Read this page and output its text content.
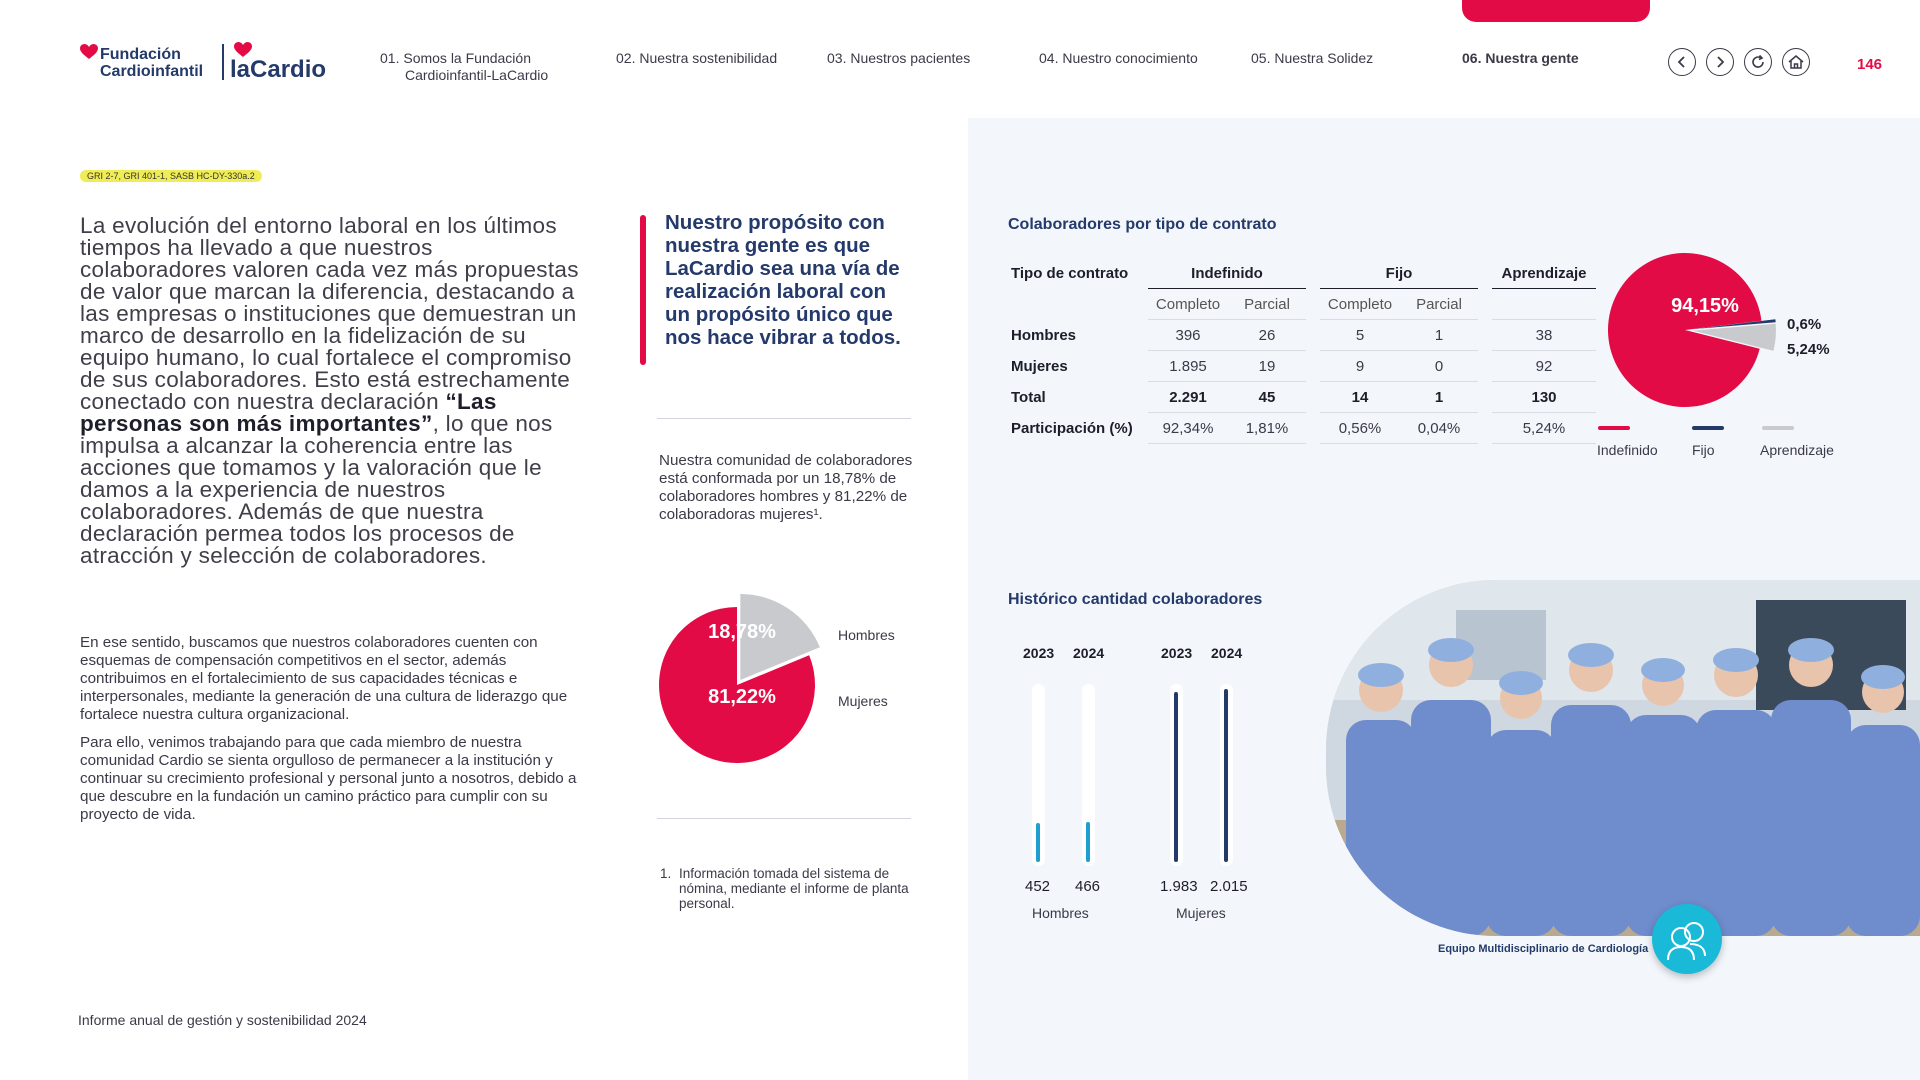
Fundación
Cardioinfantil laCardio	01. Somos la Fundación
Cardioinfantil-LaCardio
02. Nuestra sostenibilidad	03. Nuestros pacientes	04. Nuestro conocimiento	05. Nuestra Solidez	06. Nuestra gente	146
GRI 2-7, GRI 401-1, SASB HC-DY-330a.2
La evolución del entorno laboral en los últimos tiempos ha llevado a que nuestros colaboradores valoren cada vez más propuestas de valor que marcan la diferencia, destacando a las empresas o instituciones que demuestran un marco de desarrollo en la fidelización de su equipo humano, lo cual fortalece el compromiso de sus colaboradores. Esto está estrechamente conectado con nuestra declaración “Las personas son más importantes”, lo que nos impulsa a alcanzar la coherencia entre las acciones que tomamos y la valoración que le damos a la experiencia de nuestros colaboradores. Además de que nuestra declaración permea todos los procesos de atracción y selección de colaboradores.

En ese sentido, buscamos que nuestros colaboradores cuenten con esquemas de compensación competitivos en el sector, además contribuimos en el fortalecimiento de sus capacidades técnicas e interpersonales, mediante la generación de una cultura de liderazgo que fortalece nuestra cultura organizacional.

Para ello, venimos trabajando para que cada miembro de nuestra comunidad Cardio se sienta orgulloso de permanecer a la institución y continuar su crecimiento profesional y personal junto a nosotros, debido a que descubre en la fundación un camino práctico para cumplir con su proyecto de vida.

Informe anual de gestión y sostenibilidad 2024
Nuestro propósito con nuestra gente es que LaCardio sea una vía de realización laboral con un propósito único que nos hace vibrar a todos.
Nuestra comunidad de colaboradores está conformada por un 18,78% de colaboradores hombres y 81,22% de colaboradoras mujeres¹.
18,78%	Hombres
81,22%	Mujeres
1. Información tomada del sistema de nómina, mediante el informe de planta personal.
Colaboradores por tipo de contrato
Tipo de contrato	Indefinido			Fijo			Aprendizaje
	Completo	Parcial		Completo	Parcial		
Hombres	396	26		5	1		38
Mujeres	1.895	19		9	0		92
Total	2.291	45		14	1		130
Participación (%)	92,34%	1,81%		0,56%	0,04%		5,24%
94,15%
0,6%
5,24%
Indefinido Fijo	Aprendizaje
Histórico cantidad colaboradores
2023 2024	2023 2024
452 466	1.983 2.015
Hombres	Mujeres
Equipo Multidisciplinario de Cardiología
